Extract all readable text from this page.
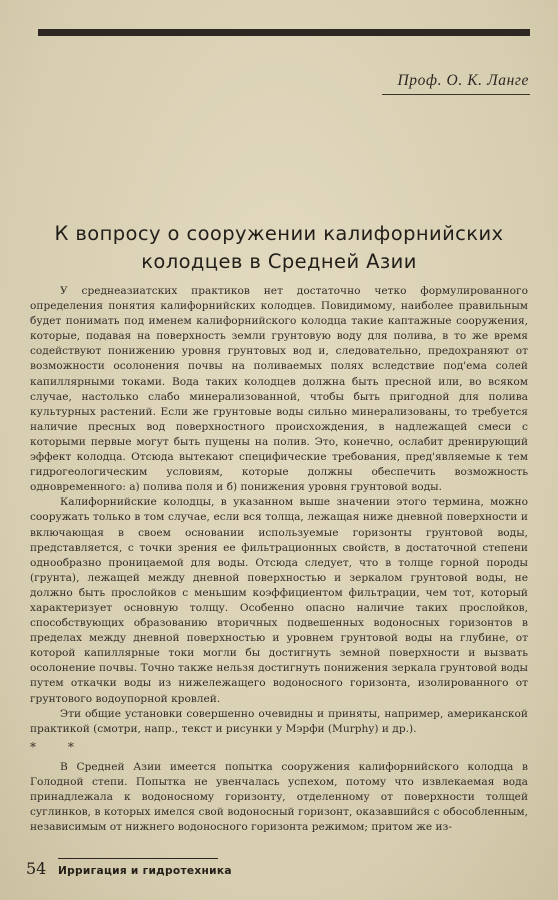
Проф. О. К. Ланге
К вопросу о сооружении калифорнийских
колодцев в Средней Азии

У среднеазиатских практиков нет достаточно четко формулированного определения понятия калифорнийских колодцев. Повидимому, наиболее правильным будет понимать под именем калифорнийского колодца такие каптажные сооружения, которые, подавая на поверхность земли грунтовую воду для полива, в то же время содействуют понижению уровня грунтовых вод и, следовательно, предохраняют от возможности осолонения почвы на поливаемых полях вследствие под'ема солей капиллярными токами. Вода таких колодцев должна быть пресной или, во всяком случае, настолько слабо минерализованной, чтобы быть пригодной для полива культурных растений. Если же грунтовые воды сильно минерализованы, то требуется наличие пресных вод поверхностного происхождения, в надлежащей смеси с которыми первые могут быть пущены на полив. Это, конечно, ослабит дренирующий эффект колодца. Отсюда вытекают специфические требования, пред'являемые к тем гидрогеологическим условиям, которые должны обеспечить возможность одновременного: а) полива поля и б) понижения уровня грунтовой воды.

Калифорнийские колодцы, в указанном выше значении этого термина, можно сооружать только в том случае, если вся толща, лежащая ниже дневной поверхности и включающая в своем основании используемые горизонты грунтовой воды, представляется, с точки зрения ее фильтрационных свойств, в достаточной степени однообразно проницаемой для воды. Отсюда следует, что в толще горной породы (грунта), лежащей между дневной поверхностью и зеркалом грунтовой воды, не должно быть прослойков с меньшим коэффициентом фильтрации, чем тот, который характеризует основную толщу. Особенно опасно наличие таких прослойков, способствующих образованию вторичных подвешенных водоносных горизонтов в пределах между дневной поверхностью и уровнем грунтовой воды на глубине, от которой капиллярные токи могли бы достигнуть земной поверхности и вызвать осолонение почвы. Точно также нельзя достигнуть понижения зеркала грунтовой воды путем откачки воды из нижележащего водоносного горизонта, изолированного от грунтового водоупорной кровлей.

Эти общие установки совершенно очевидны и приняты, например, американской практикой (смотри, напр., текст и рисунки у Мэрфи (Murphy) и др.).

* *

В Средней Азии имеется попытка сооружения калифорнийского колодца в Голодной степи. Попытка не увенчалась успехом, потому что извлекаемая вода принадлежала к водоносному горизонту, отделенному от поверхности толщей суглинков, в которых имелся свой водоносный горизонт, оказавшийся с обособленным, независимым от нижнего водоносного горизонта режимом; притом же из-

54 Ирригация и гидротехника
